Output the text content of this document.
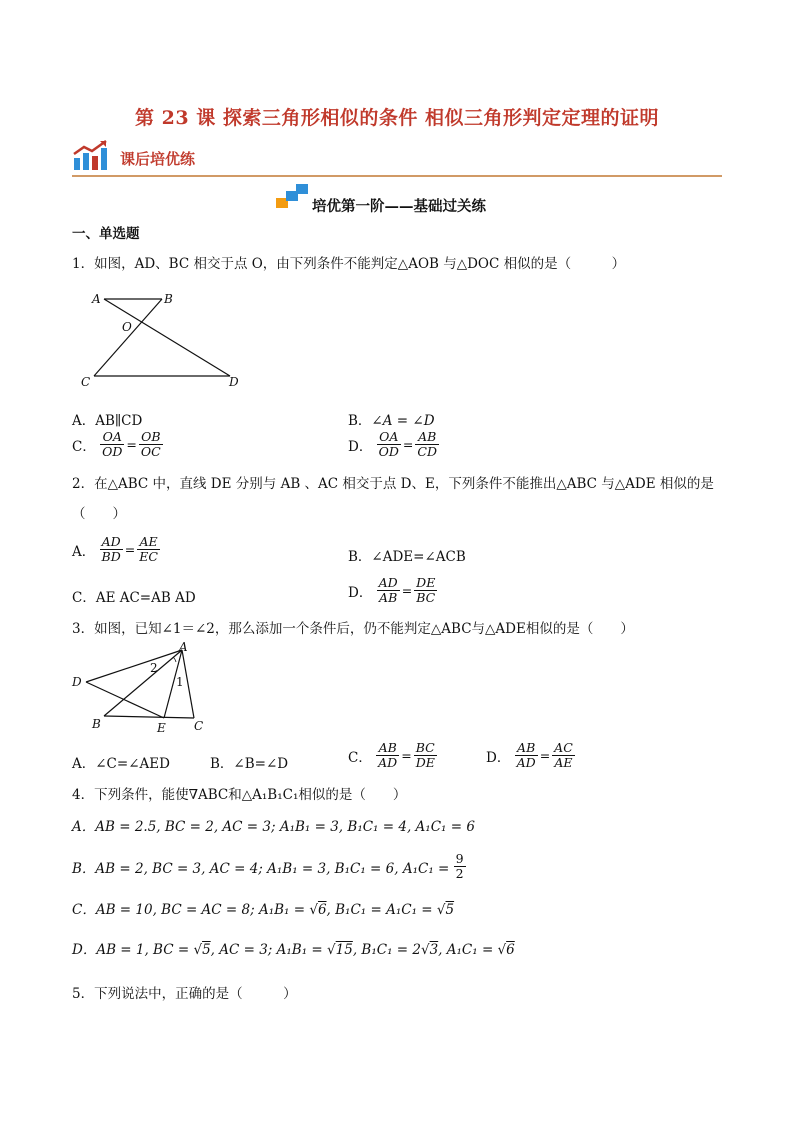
第 23 课 探索三角形相似的条件 相似三角形判定定理的证明
课后培优练
培优第一阶——基础过关练
一、单选题
1．如图，AD、BC 相交于点 O，由下列条件不能判定△AOB 与△DOC 相似的是（　　　）
A	B
O
C	D
A．AB∥CD	B．∠A = ∠D
C． $\frac{OA}{OD} = \frac{OB}{OC}$	D． $\frac{OA}{OD} = \frac{AB}{CD}$
2．在△ABC 中，直线 DE 分别与 AB 、AC 相交于点 D、E，下列条件不能推出△ABC 与△ADE 相似的是
（　　）
A． $\frac{AD}{BD} = \frac{AE}{EC}$	B．∠ADE=∠ACB
C．AE AC=AB AD	D． $\frac{AD}{AB} = \frac{DE}{BC}$
3．如图，已知∠1＝∠2，那么添加一个条件后，仍不能判定△ABC与△ADE相似的是（　　）
A
D
B	E C
1
2
A．∠C=∠AED	B．∠B=∠D	C． $\frac{AB}{AD} = \frac{BC}{DE}$	D． $\frac{AB}{AD} = \frac{AC}{AE}$
4．下列条件，能使∇ABC和△A₁B₁C₁相似的是（　　）
A．AB = 2.5, BC = 2, AC = 3; A₁B₁ = 3, B₁C₁ = 4, A₁C₁ = 6
B．AB = 2, BC = 3, AC = 4; A₁B₁ = 3, B₁C₁ = 6, $A_1C_1 = \frac{9}{2}$
C．AB = 10, BC = AC = 8; A₁B₁ = √6, B₁C₁ = A₁C₁ = √5
D．AB = 1, BC = √5, AC = 3; A₁B₁ = √15, B₁C₁ = 2√3, A₁C₁ = √6
5．下列说法中，正确的是（　　　）
